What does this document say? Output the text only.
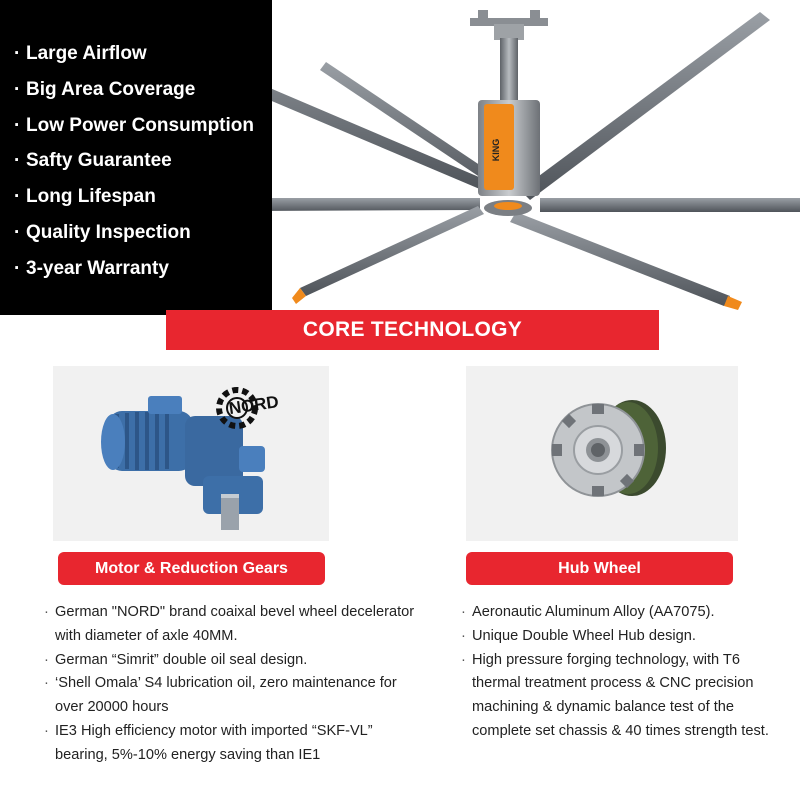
KING
· Large Airflow
· Big Area Coverage
· Low Power Consumption
· Safty Guarantee
· Long Lifespan
· Quality Inspection
· 3-year Warranty
CORE TECHNOLOGY
NORD
Motor & Reduction Gears	Hub Wheel
· German "NORD" brand coaixal bevel wheel decelerator with diameter of axle 40MM.
· German “Simrit” double oil seal design.
· ‘Shell Omala’ S4 lubrication oil, zero maintenance for over 20000 hours
· IE3 High efficiency motor with imported “SKF-VL” bearing, 5%-10% energy saving than IE1
· Aeronautic Aluminum Alloy (AA7075).
· Unique Double Wheel Hub design.
· High pressure forging technology, with T6 thermal treatment process & CNC precision machining & dynamic balance test of the complete set chassis & 40 times strength test.
